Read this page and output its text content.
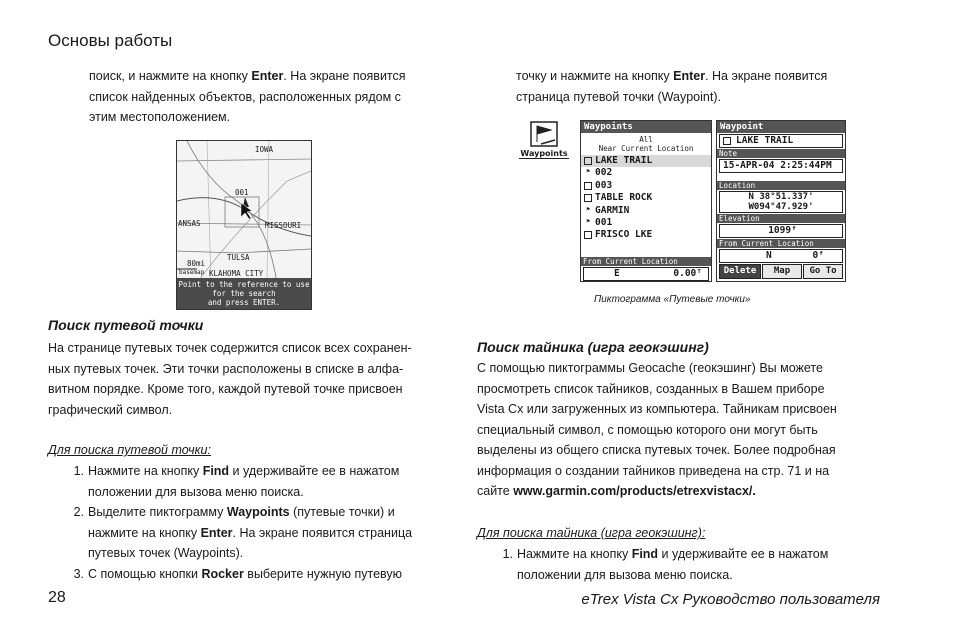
Основы работы

поиск, и нажмите на кнопку Enter. На экране появится

список найденных объектов, расположенных рядом с

этим местоположением.

IOWA
001
MISSOURI
ANSAS
TULSA
80mi
basemap KLAHOMA CITY
Point to the reference to use
for the search
and press ENTER.
Поиск путевой точки

На странице путевых точек содержится список всех сохранен-

ных путевых точек. Эти точки расположены в списке в алфа-

витном порядке. Кроме того, каждой путевой точке присвоен

графический символ.

Для поиска путевой точки:
1. Нажмите на кнопку Find и удерживайте ее в нажатом
положении для вызова меню поиска.
2. Выделите пиктограмму Waypoints (путевые точки) и
нажмите на кнопку Enter. На экране появится страница
путевых точек (Waypoints).
3. С помощью кнопки Rocker выберите нужную путевую

точку и нажмите на кнопку Enter. На экране появится

страница путевой точки (Waypoint).

Waypoints
Waypoints
All
Near Current Location
LAKE TRAIL
⚑ 002
003
TABLE ROCK
⚑ GARMIN
⚑ 001
FRISCO LKE
From Current Location
E	0.00ᵀ
Waypoint
LAKE TRAIL
Note
15-APR-04 2:25:44PM
Location
N 38°51.337'
W094°47.929'
Elevation
1099ᶠ
From Current Location
N	0ᶠ
Delete	Map	Go To
Пиктограмма «Путевые точки»
Поиск тайника (игра геокэшинг)

С помощью пиктограммы Geocache (геокэшинг) Вы можете

просмотреть список тайников, созданных в Вашем приборе

Vista Cx или загруженных из компьютера. Тайникам присвоен

специальный символ, с помощью которого они могут быть

выделены из общего списка путевых точек. Более подробная

информация о создании тайников приведена на стр. 71 и на

сайте www.garmin.com/products/etrexvistacx/.

Для поиска тайника (игра геокэшинг):
1. Нажмите на кнопку Find и удерживайте ее в нажатом
положении для вызова меню поиска.
28	eTrex Vista Cx Руководство пользователя
